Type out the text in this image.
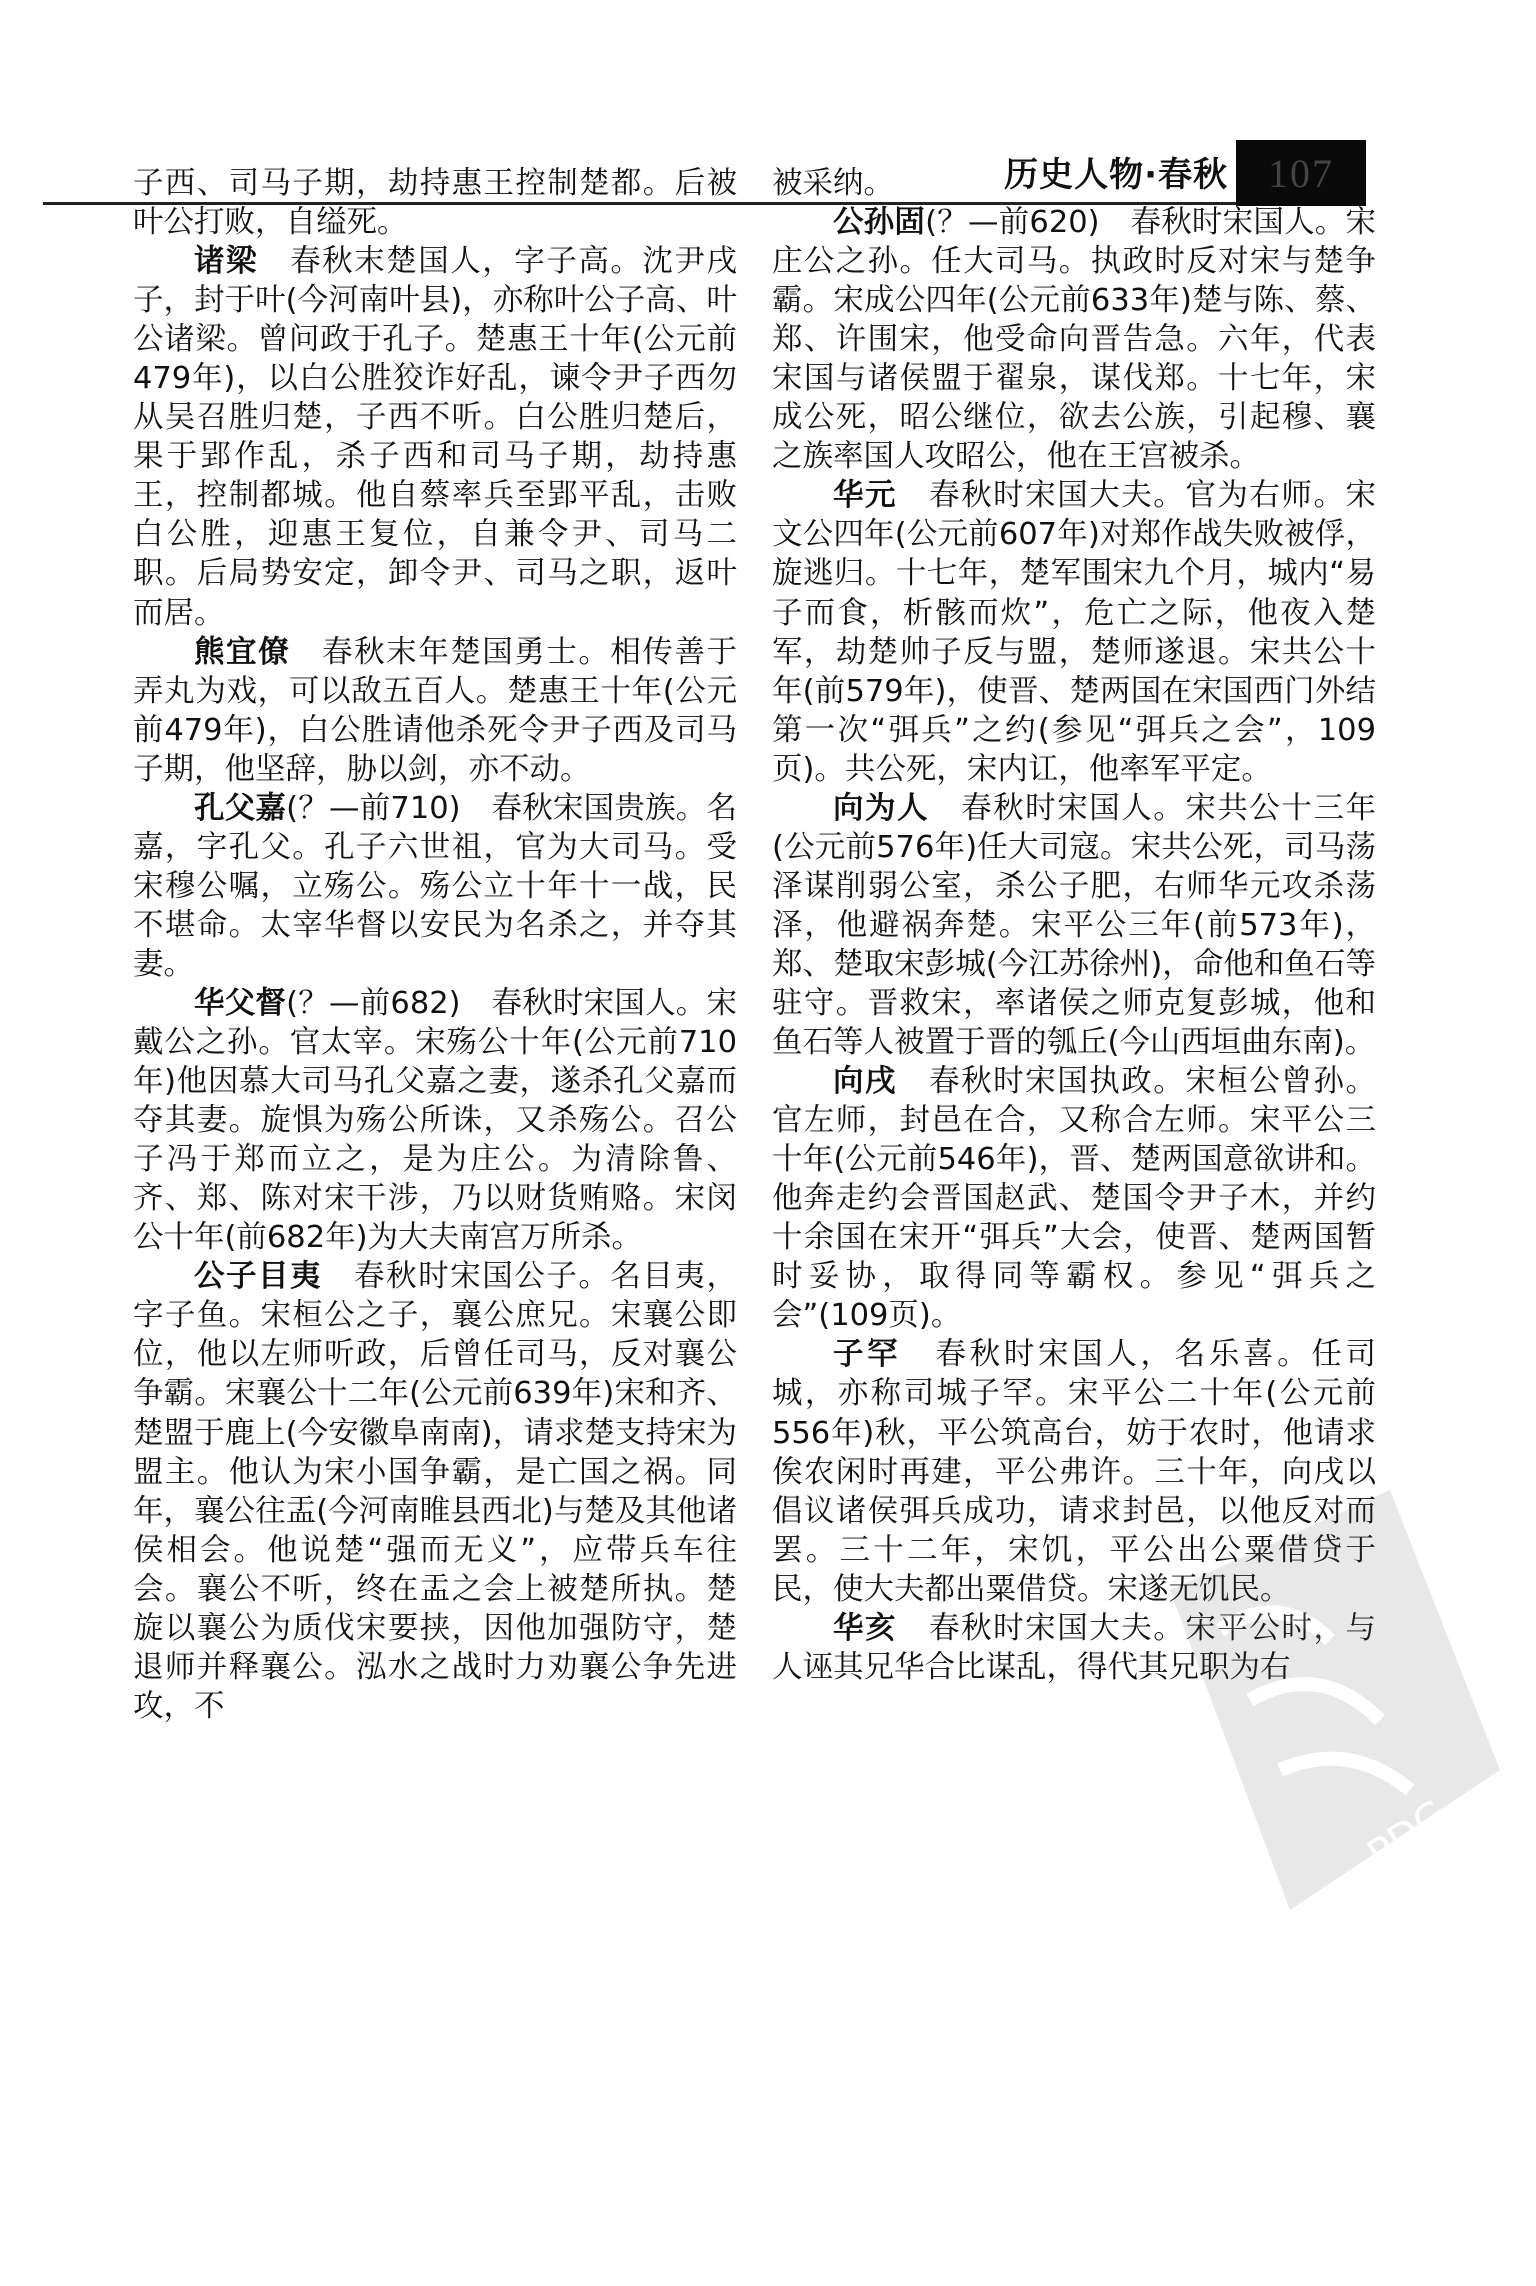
历史人物·春秋	107

子西、司马子期，劫持惠王控制楚都。后被叶公打败，自缢死。

诸梁　春秋末楚国人，字子高。沈尹戌子，封于叶(今河南叶县)，亦称叶公子高、叶公诸梁。曾问政于孔子。楚惠王十年(公元前479年)，以白公胜狡诈好乱，谏令尹子西勿从吴召胜归楚，子西不听。白公胜归楚后，果于郢作乱，杀子西和司马子期，劫持惠王，控制都城。他自蔡率兵至郢平乱，击败白公胜，迎惠王复位，自兼令尹、司马二职。后局势安定，卸令尹、司马之职，返叶而居。

熊宜僚　春秋末年楚国勇士。相传善于弄丸为戏，可以敌五百人。楚惠王十年(公元前479年)，白公胜请他杀死令尹子西及司马子期，他坚辞，胁以剑，亦不动。

孔父嘉(？—前710)　春秋宋国贵族。名嘉，字孔父。孔子六世祖，官为大司马。受宋穆公嘱，立殇公。殇公立十年十一战，民不堪命。太宰华督以安民为名杀之，并夺其妻。

华父督(？—前682)　春秋时宋国人。宋戴公之孙。官太宰。宋殇公十年(公元前710年)他因慕大司马孔父嘉之妻，遂杀孔父嘉而夺其妻。旋惧为殇公所诛，又杀殇公。召公子冯于郑而立之，是为庄公。为清除鲁、齐、郑、陈对宋干涉，乃以财货贿赂。宋闵公十年(前682年)为大夫南宫万所杀。

公子目夷　春秋时宋国公子。名目夷，字子鱼。宋桓公之子，襄公庶兄。宋襄公即位，他以左师听政，后曾任司马，反对襄公争霸。宋襄公十二年(公元前639年)宋和齐、楚盟于鹿上(今安徽阜南南)，请求楚支持宋为盟主。他认为宋小国争霸，是亡国之祸。同年，襄公往盂(今河南睢县西北)与楚及其他诸侯相会。他说楚“强而无义”，应带兵车往会。襄公不听，终在盂之会上被楚所执。楚旋以襄公为质伐宋要挟，因他加强防守，楚退师并释襄公。泓水之战时力劝襄公争先进攻，不

被采纳。

公孙固(？—前620)　春秋时宋国人。宋庄公之孙。任大司马。执政时反对宋与楚争霸。宋成公四年(公元前633年)楚与陈、蔡、郑、许围宋，他受命向晋告急。六年，代表宋国与诸侯盟于翟泉，谋伐郑。十七年，宋成公死，昭公继位，欲去公族，引起穆、襄之族率国人攻昭公，他在王宫被杀。

华元　春秋时宋国大夫。官为右师。宋文公四年(公元前607年)对郑作战失败被俘，旋逃归。十七年，楚军围宋九个月，城内“易子而食，析骸而炊”，危亡之际，他夜入楚军，劫楚帅子反与盟，楚师遂退。宋共公十年(前579年)，使晋、楚两国在宋国西门外结第一次“弭兵”之约(参见“弭兵之会”，109页)。共公死，宋内讧，他率军平定。

向为人　春秋时宋国人。宋共公十三年(公元前576年)任大司寇。宋共公死，司马荡泽谋削弱公室，杀公子肥，右师华元攻杀荡泽，他避祸奔楚。宋平公三年(前573年)，郑、楚取宋彭城(今江苏徐州)，命他和鱼石等驻守。晋救宋，率诸侯之师克复彭城，他和鱼石等人被置于晋的瓠丘(今山西垣曲东南)。

向戌　春秋时宋国执政。宋桓公曾孙。官左师，封邑在合，又称合左师。宋平公三十年(公元前546年)，晋、楚两国意欲讲和。他奔走约会晋国赵武、楚国令尹子木，并约十余国在宋开“弭兵”大会，使晋、楚两国暂时妥协，取得同等霸权。参见“弭兵之会”(109页)。

子罕　春秋时宋国人，名乐喜。任司城，亦称司城子罕。宋平公二十年(公元前556年)秋，平公筑高台，妨于农时，他请求俟农闲时再建，平公弗许。三十年，向戌以倡议诸侯弭兵成功，请求封邑，以他反对而罢。三十二年，宋饥，平公出公粟借贷于民，使大夫都出粟借贷。宋遂无饥民。

华亥　春秋时宋国大夫。宋平公时，与人诬其兄华合比谋乱，得代其兄职为右

PDG
